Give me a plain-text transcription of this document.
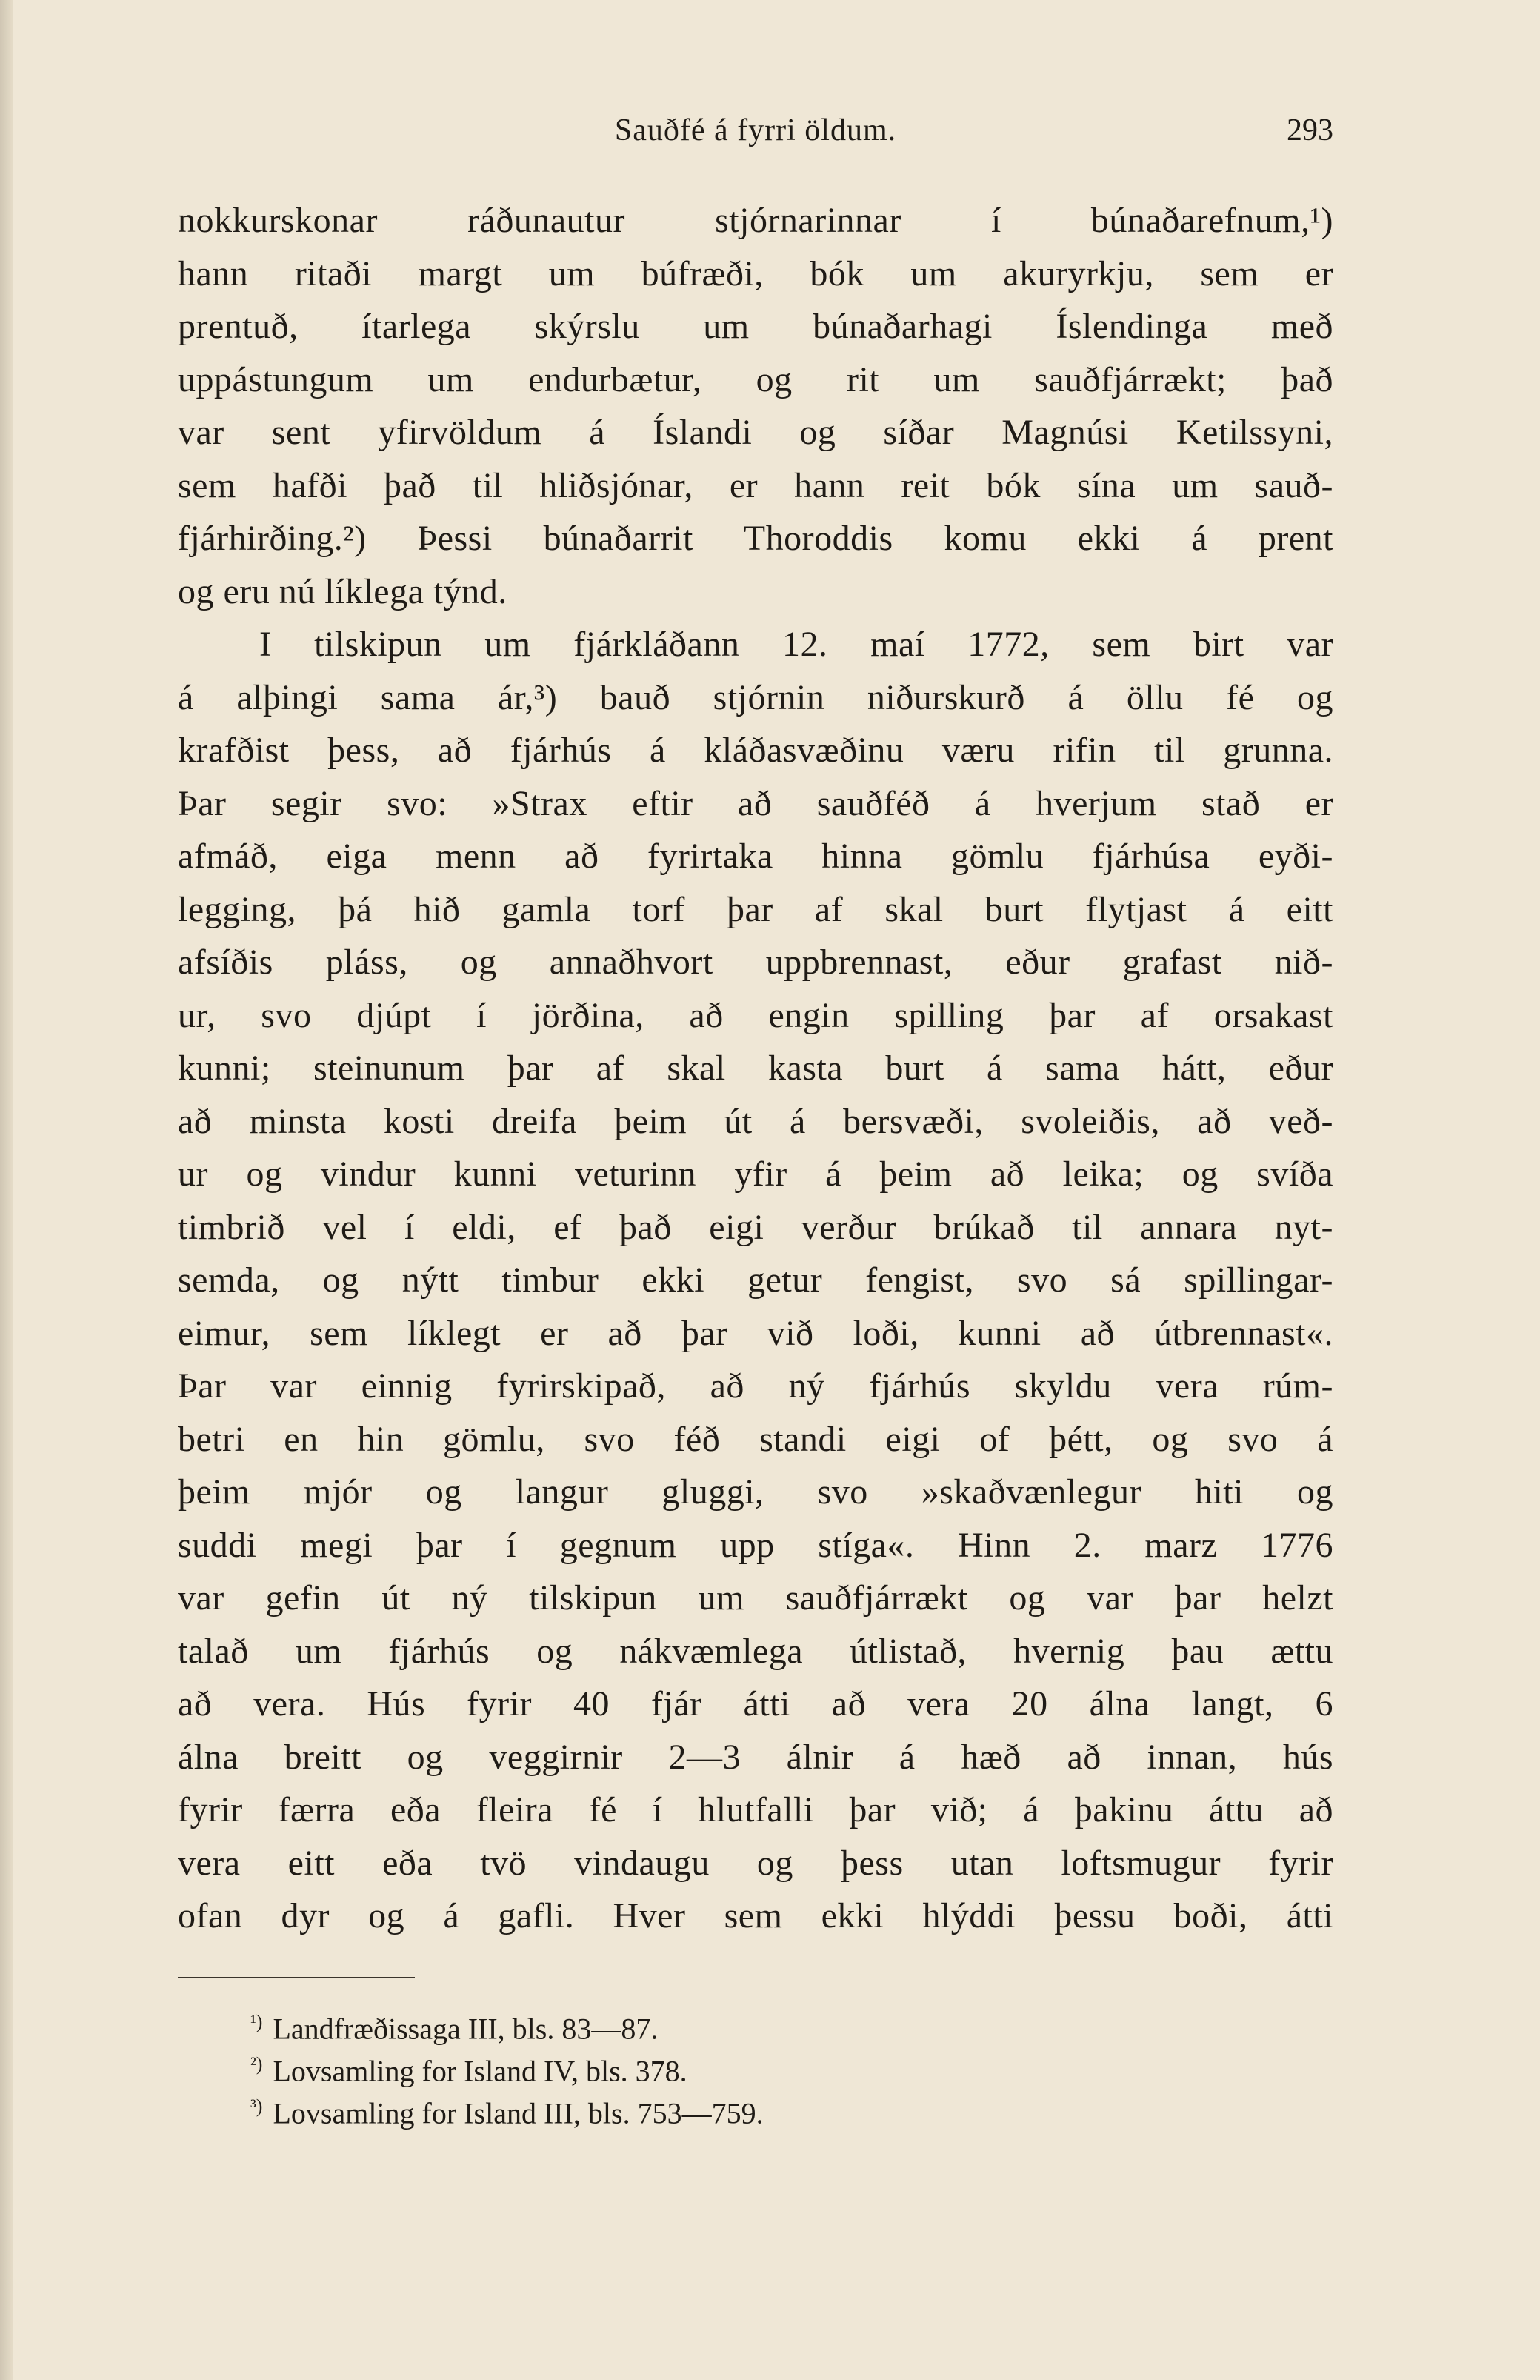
Sauðfé á fyrri öldum.	293
nokkurskonar ráðunautur stjórnarinnar í búnaðarefnum,¹)
hann ritaði margt um búfræði, bók um akuryrkju, sem er
prentuð, ítarlega skýrslu um búnaðarhagi Íslendinga með
uppástungum um endurbætur, og rit um sauðfjárrækt; það
var sent yfirvöldum á Íslandi og síðar Magnúsi Ketilssyni,
sem hafði það til hliðsjónar, er hann reit bók sína um sauð-
fjárhirðing.²) Þessi búnaðarrit Thoroddis komu ekki á prent
og eru nú líklega týnd.
I tilskipun um fjárkláðann 12. maí 1772, sem birt var
á alþingi sama ár,³) bauð stjórnin niðurskurð á öllu fé og
krafðist þess, að fjárhús á kláðasvæðinu væru rifin til grunna.
Þar segir svo: »Strax eftir að sauðféð á hverjum stað er
afmáð, eiga menn að fyrirtaka hinna gömlu fjárhúsa eyði-
legging, þá hið gamla torf þar af skal burt flytjast á eitt
afsíðis pláss, og annaðhvort uppbrennast, eður grafast nið-
ur, svo djúpt í jörðina, að engin spilling þar af orsakast
kunni; steinunum þar af skal kasta burt á sama hátt, eður
að minsta kosti dreifa þeim út á bersvæði, svoleiðis, að veð-
ur og vindur kunni veturinn yfir á þeim að leika; og svíða
timbrið vel í eldi, ef það eigi verður brúkað til annara nyt-
semda, og nýtt timbur ekki getur fengist, svo sá spillingar-
eimur, sem líklegt er að þar við loði, kunni að útbrennast«.
Þar var einnig fyrirskipað, að ný fjárhús skyldu vera rúm-
betri en hin gömlu, svo féð standi eigi of þétt, og svo á
þeim mjór og langur gluggi, svo »skaðvænlegur hiti og
suddi megi þar í gegnum upp stíga«. Hinn 2. marz 1776
var gefin út ný tilskipun um sauðfjárrækt og var þar helzt
talað um fjárhús og nákvæmlega útlistað, hvernig þau ættu
að vera. Hús fyrir 40 fjár átti að vera 20 álna langt, 6
álna breitt og veggirnir 2—3 álnir á hæð að innan, hús
fyrir færra eða fleira fé í hlutfalli þar við; á þakinu áttu að
vera eitt eða tvö vindaugu og þess utan loftsmugur fyrir
ofan dyr og á gafli. Hver sem ekki hlýddi þessu boði, átti
$^{^1)}$ Landfræðissaga III, bls. 83—87.
$^{^2)}$ Lovsamling for Island IV, bls. 378.
$^{^3)}$ Lovsamling for Island III, bls. 753—759.
